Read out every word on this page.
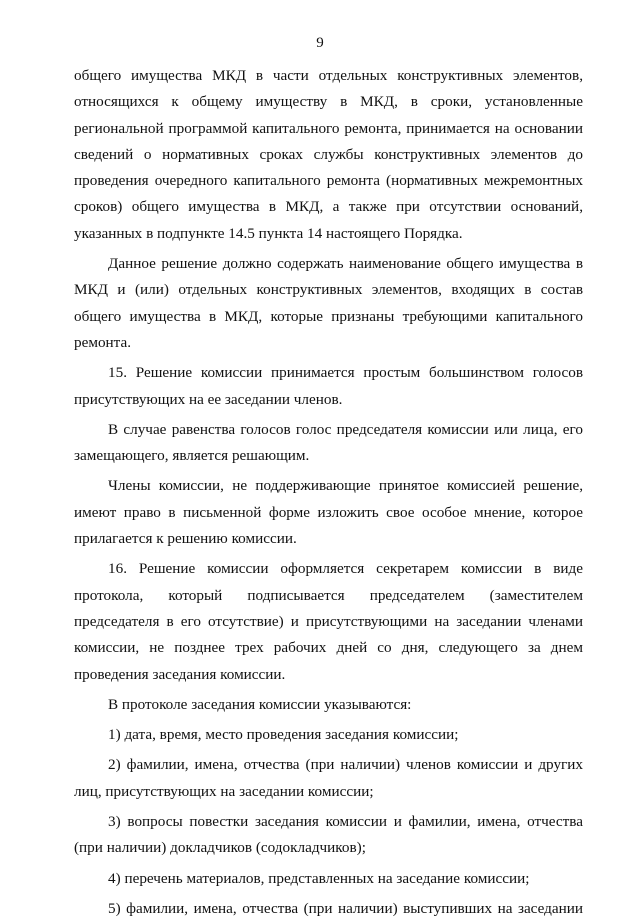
9

общего имущества МКД в части отдельных конструктивных элементов, относящихся к общему имуществу в МКД, в сроки, установленные региональной программой капитального ремонта, принимается на основании сведений о нормативных сроках службы конструктивных элементов до проведения очередного капитального ремонта (нормативных межремонтных сроков) общего имущества в МКД, а также при отсутствии оснований, указанных в подпункте 14.5 пункта 14 настоящего Порядка.

Данное решение должно содержать наименование общего имущества в МКД и (или) отдельных конструктивных элементов, входящих в состав общего имущества в МКД, которые признаны требующими капитального ремонта.

15. Решение комиссии принимается простым большинством голосов присутствующих на ее заседании членов.

В случае равенства голосов голос председателя комиссии или лица, его замещающего, является решающим.

Члены комиссии, не поддерживающие принятое комиссией решение, имеют право в письменной форме изложить свое особое мнение, которое прилагается к решению комиссии.

16. Решение комиссии оформляется секретарем комиссии в виде протокола, который подписывается председателем (заместителем председателя в его отсутствие) и присутствующими на заседании членами комиссии, не позднее трех рабочих дней со дня, следующего за днем проведения заседания комиссии.

В протоколе заседания комиссии указываются:

1) дата, время, место проведения заседания комиссии;

2) фамилии, имена, отчества (при наличии) членов комиссии и других лиц, присутствующих на заседании комиссии;

3) вопросы повестки заседания комиссии и фамилии, имена, отчества (при наличии) докладчиков (содокладчиков);

4) перечень материалов, представленных на заседание комиссии;

5) фамилии, имена, отчества (при наличии) выступивших на заседании
